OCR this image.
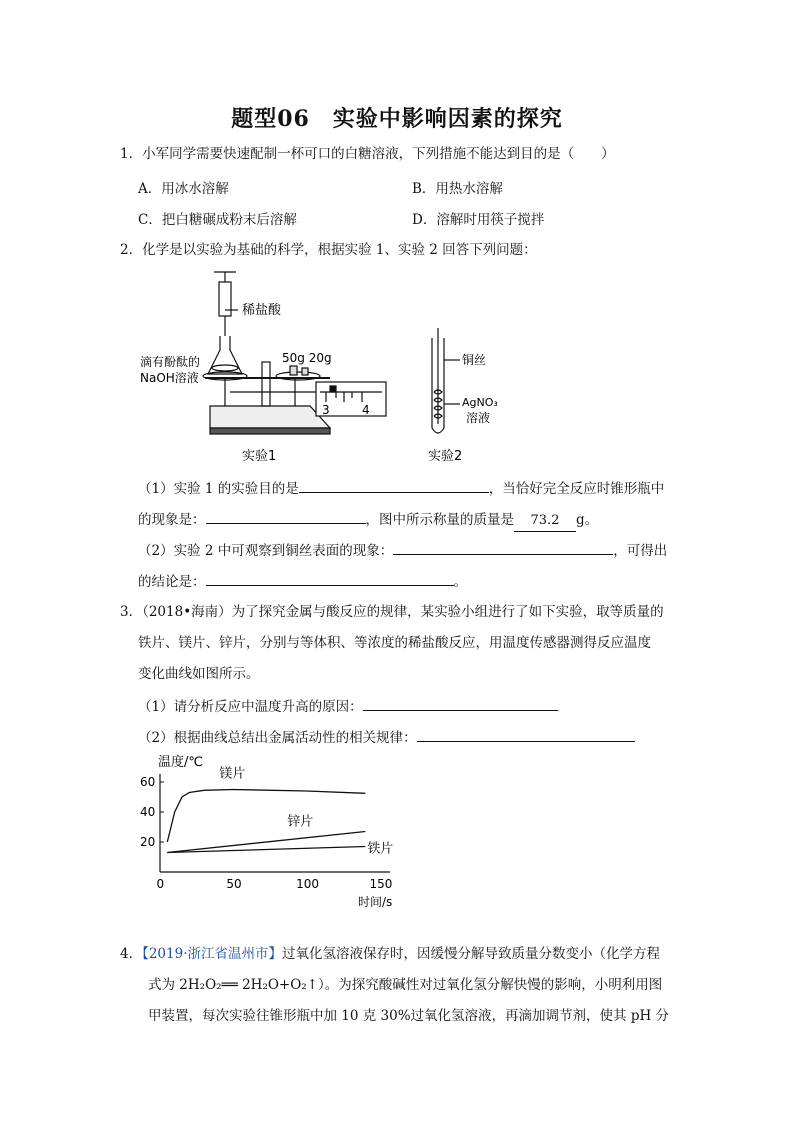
题型06　实验中影响因素的探究
1．小军同学需要快速配制一杯可口的白糖溶液，下列措施不能达到目的是（　　）
A．用冰水溶解	B．用热水溶解
C．把白糖碾成粉末后溶解	D．溶解时用筷子搅拌
2．化学是以实验为基础的科学，根据实验 1、实验 2 回答下列问题：
稀盐酸
滴有酚酞的
NaOH溶液
50g 20g
3	4
实验1
铜丝
AgNO₃
溶液
实验2
（1）实验 1 的实验目的是	，当恰好完全反应时锥形瓶中
的现象是：	，图中所示称量的质量是 73.2 g。
（2）实验 2 中可观察到铜丝表面的现象：	，可得出
的结论是：	。
3．（2018•海南）为了探究金属与酸反应的规律，某实验小组进行了如下实验，取等质量的
铁片、镁片、锌片，分别与等体积、等浓度的稀盐酸反应，用温度传感器测得反应温度
变化曲线如图所示。
（1）请分析反应中温度升高的原因：
（2）根据曲线总结出金属活动性的相关规律：
温度/℃
时间/s
0	50	100	150
20
40
60
镁片
锌片
铁片
4．【2019·浙江省温州市】过氧化氢溶液保存时，因缓慢分解导致质量分数变小（化学方程
式为 2H₂O₂══ 2H₂O+O₂↑）。为探究酸碱性对过氧化氢分解快慢的影响，小明利用图
甲装置，每次实验往锥形瓶中加 10 克 30%过氧化氢溶液，再滴加调节剂，使其 pH 分
